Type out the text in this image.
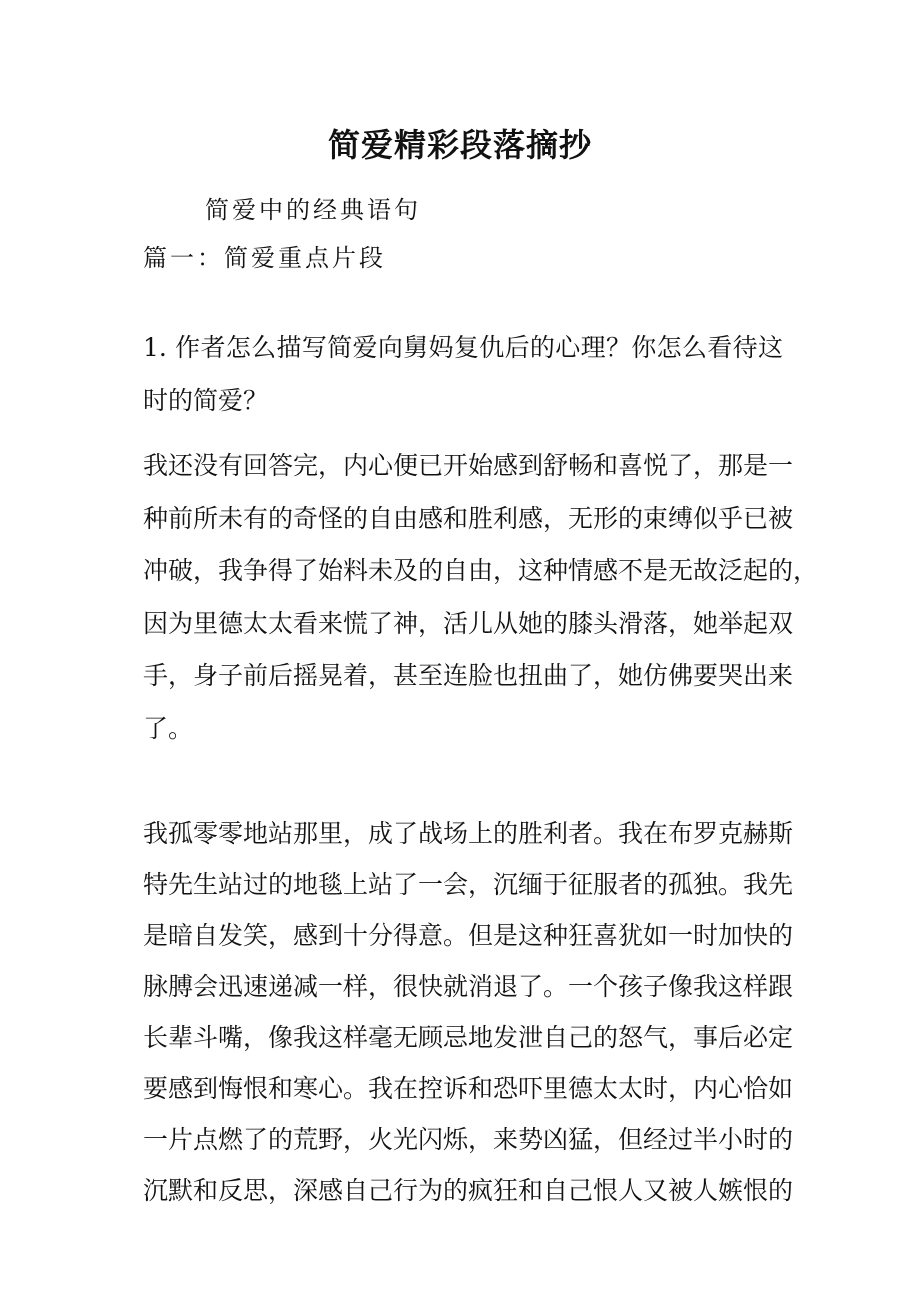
简爱精彩段落摘抄
简爱中的经典语句
篇一：简爱重点片段
1. 作者怎么描写简爱向舅妈复仇后的心理？你怎么看待这
时的简爱？
我还没有回答完，内心便已开始感到舒畅和喜悦了，那是一
种前所未有的奇怪的自由感和胜利感，无形的束缚似乎已被
冲破，我争得了始料未及的自由，这种情感不是无故泛起的，
因为里德太太看来慌了神，活儿从她的膝头滑落，她举起双
手，身子前后摇晃着，甚至连脸也扭曲了，她仿佛要哭出来
了。
我孤零零地站那里，成了战场上的胜利者。我在布罗克赫斯
特先生站过的地毯上站了一会，沉缅于征服者的孤独。我先
是暗自发笑，感到十分得意。但是这种狂喜犹如一时加快的
脉膊会迅速递减一样，很快就消退了。一个孩子像我这样跟
长辈斗嘴，像我这样毫无顾忌地发泄自己的怒气，事后必定
要感到悔恨和寒心。我在控诉和恐吓里德太太时，内心恰如
一片点燃了的荒野，火光闪烁，来势凶猛，但经过半小时的
沉默和反思，深感自己行为的疯狂和自己恨人又被人嫉恨的
